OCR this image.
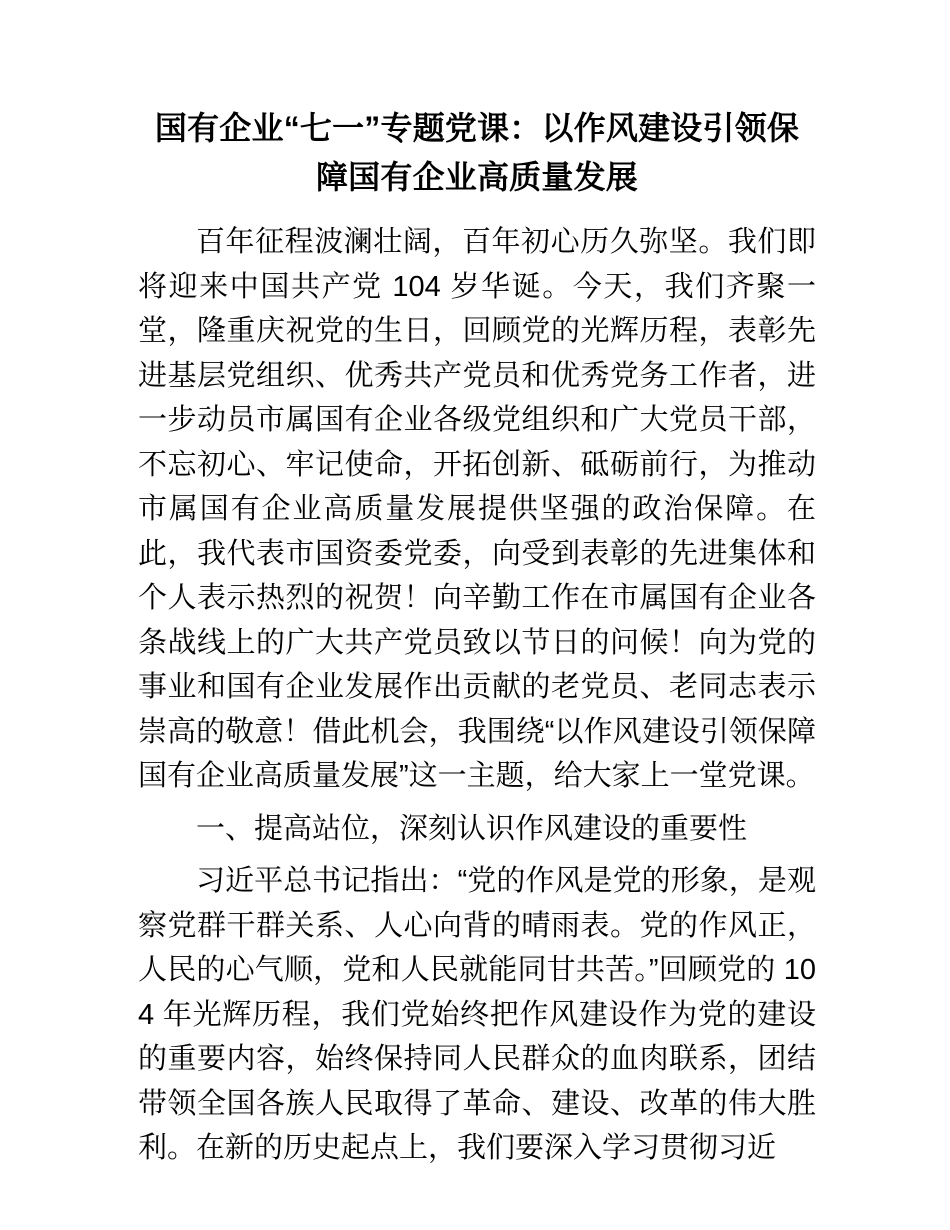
国有企业“七一”专题党课：以作风建设引领保
障国有企业高质量发展

百年征程波澜壮阔，百年初心历久弥坚。我们即将迎来中国共产党 104 岁华诞。今天，我们齐聚一堂，隆重庆祝党的生日，回顾党的光辉历程，表彰先进基层党组织、优秀共产党员和优秀党务工作者，进一步动员市属国有企业各级党组织和广大党员干部，不忘初心、牢记使命，开拓创新、砥砺前行，为推动市属国有企业高质量发展提供坚强的政治保障。在此，我代表市国资委党委，向受到表彰的先进集体和个人表示热烈的祝贺！向辛勤工作在市属国有企业各条战线上的广大共产党员致以节日的问候！向为党的事业和国有企业发展作出贡献的老党员、老同志表示崇高的敬意！借此机会，我围绕“以作风建设引领保障国有企业高质量发展”这一主题，给大家上一堂党课。

一、提高站位，深刻认识作风建设的重要性

习近平总书记指出：“党的作风是党的形象，是观察党群干群关系、人心向背的晴雨表。党的作风正，人民的心气顺，党和人民就能同甘共苦。”回顾党的 104 年光辉历程，我们党始终把作风建设作为党的建设的重要内容，始终保持同人民群众的血肉联系，团结带领全国各族人民取得了革命、建设、改革的伟大胜利。在新的历史起点上，我们要深入学习贯彻习近
